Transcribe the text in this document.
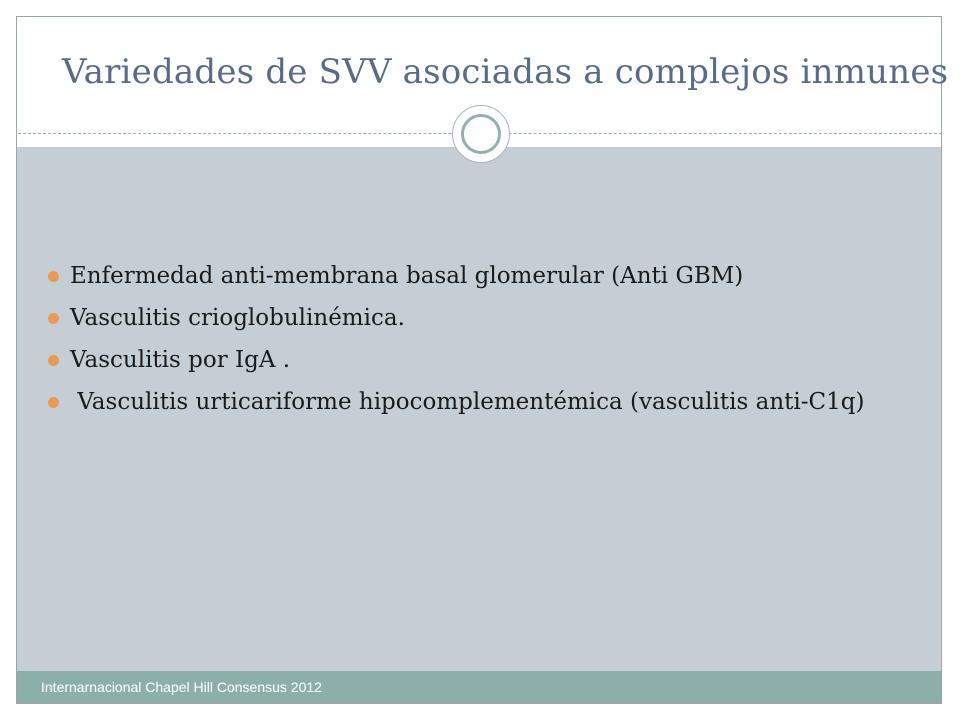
Variedades de SVV asociadas a complejos inmunes
Enfermedad anti-membrana basal glomerular (Anti GBM)
Vasculitis crioglobulinémica.
Vasculitis por IgA .
Vasculitis urticariforme hipocomplementémica (vasculitis anti-C1q)
Internarnacional Chapel Hill Consensus 2012
